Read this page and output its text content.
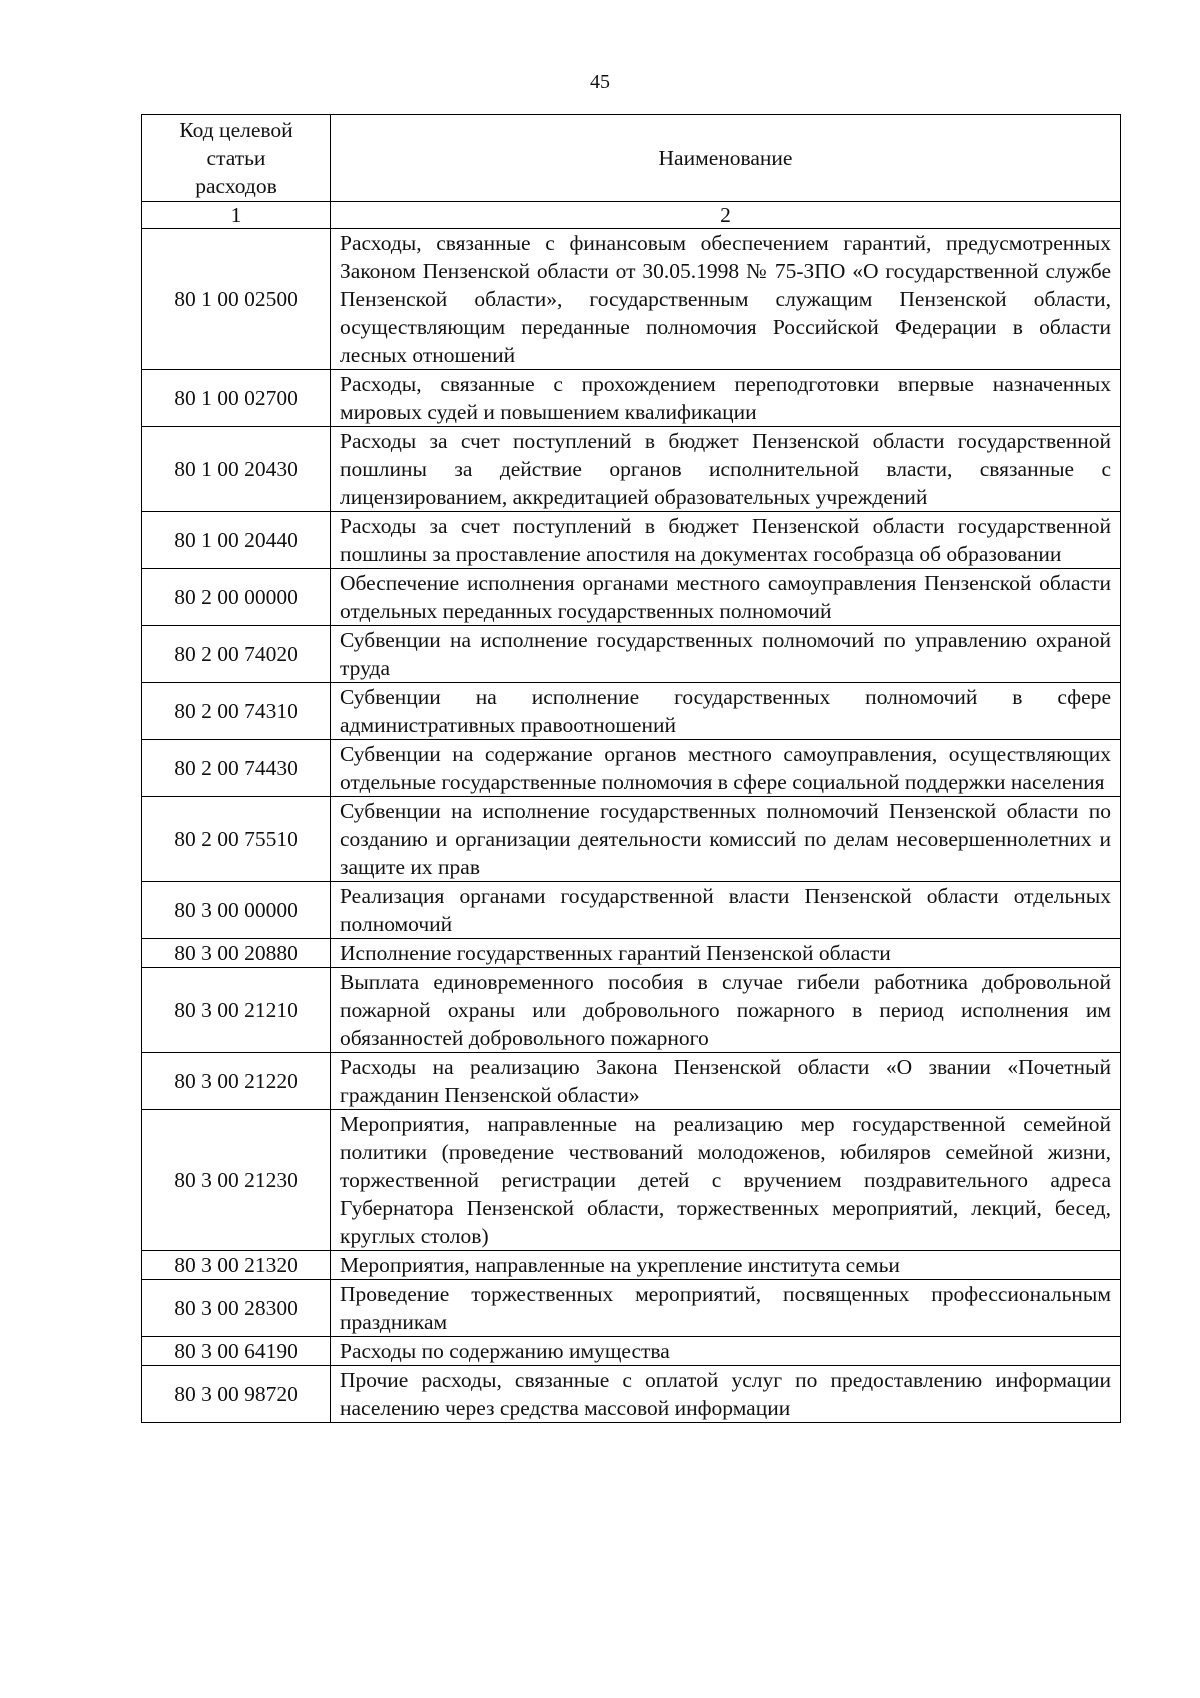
45
Код целевой
статьи
расходов	Наименование
1	2
80 1 00 02500	Расходы, связанные с финансовым обеспечением гарантий, предусмотренных Законом Пензенской области от 30.05.1998 № 75-ЗПО «О государственной службе Пензенской области», государственным служащим Пензенской области, осуществляющим переданные полномочия Российской Федерации в области лесных отношений
80 1 00 02700	Расходы, связанные с прохождением переподготовки впервые назначенных мировых судей и повышением квалификации
80 1 00 20430	Расходы за счет поступлений в бюджет Пензенской области государственной пошлины за действие органов исполнительной власти, связанные с лицензированием, аккредитацией образовательных учреждений
80 1 00 20440	Расходы за счет поступлений в бюджет Пензенской области государственной пошлины за проставление апостиля на документах гособразца об образовании
80 2 00 00000	Обеспечение исполнения органами местного самоуправления Пензенской области отдельных переданных государственных полномочий
80 2 00 74020	Субвенции на исполнение государственных полномочий по управлению охраной труда
80 2 00 74310	Субвенции на исполнение государственных полномочий в сфере административных правоотношений
80 2 00 74430	Субвенции на содержание органов местного самоуправления, осуществляющих отдельные государственные полномочия в сфере социальной поддержки населения
80 2 00 75510	Субвенции на исполнение государственных полномочий Пензенской области по созданию и организации деятельности комиссий по делам несовершеннолетних и защите их прав
80 3 00 00000	Реализация органами государственной власти Пензенской области отдельных полномочий
80 3 00 20880	Исполнение государственных гарантий Пензенской области
80 3 00 21210	Выплата единовременного пособия в случае гибели работника добровольной пожарной охраны или добровольного пожарного в период исполнения им обязанностей добровольного пожарного
80 3 00 21220	Расходы на реализацию Закона Пензенской области «О звании «Почетный гражданин Пензенской области»
80 3 00 21230	Мероприятия, направленные на реализацию мер государственной семейной политики (проведение чествований молодоженов, юбиляров семейной жизни, торжественной регистрации детей с вручением поздравительного адреса Губернатора Пензенской области, торжественных мероприятий, лекций, бесед, круглых столов)
80 3 00 21320	Мероприятия, направленные на укрепление института семьи
80 3 00 28300	Проведение торжественных мероприятий, посвященных профессиональным праздникам
80 3 00 64190	Расходы по содержанию имущества
80 3 00 98720	Прочие расходы, связанные с оплатой услуг по предоставлению информации населению через средства массовой информации
